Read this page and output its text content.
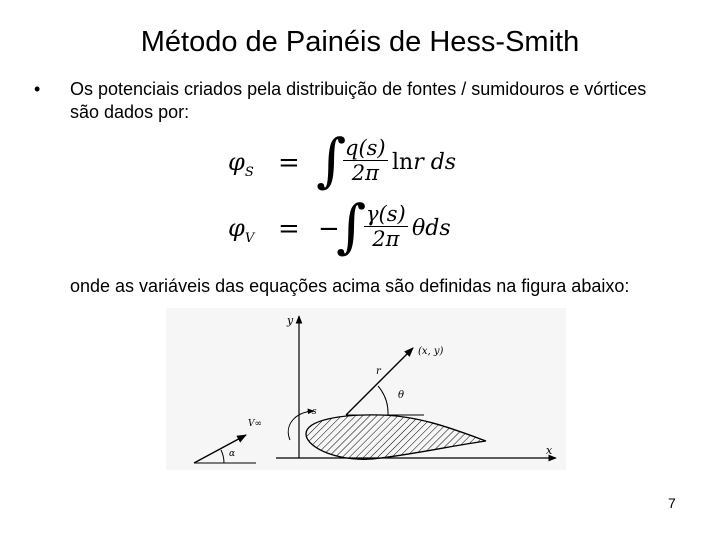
Método de Painéis de Hess-Smith
• Os potenciais criados pela distribuição de fontes / sumidouros e vórtices são dados por:
$\varphi_S$ = ∫
$\frac{q(s)}{2\pi}$ lnr ds
$\varphi_V$ = −
∫
$\frac{\gamma(s)}{2\pi}$ θds
onde as variáveis das equações acima são definidas na figura abaixo:
y
x
(x, y)
r
θ
s
V∞
α
7
